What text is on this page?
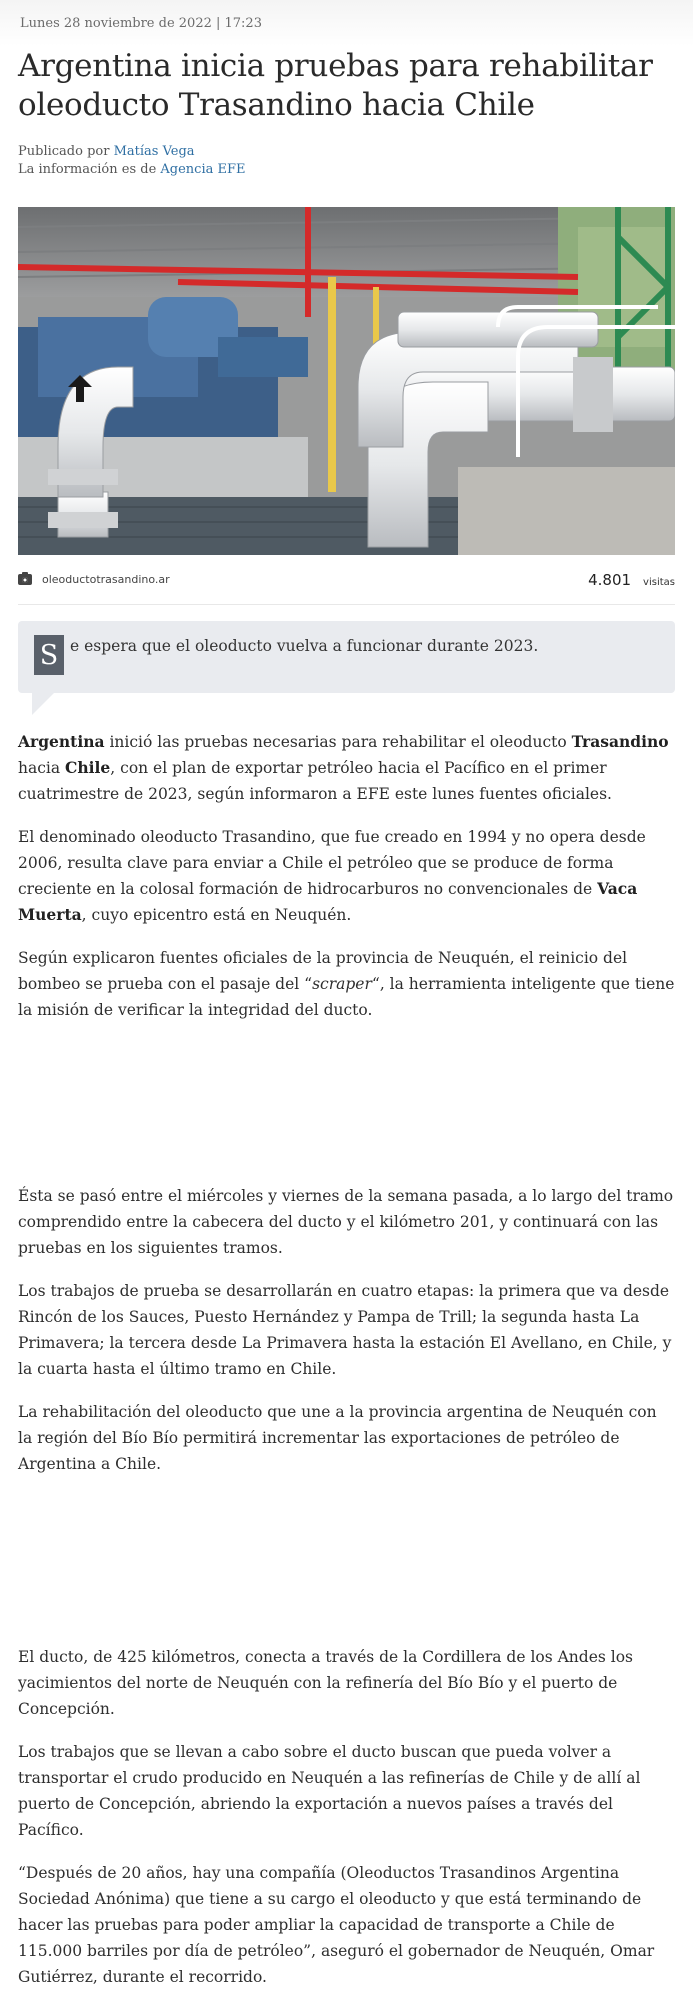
Lunes 28 noviembre de 2022 | 17:23
Argentina inicia pruebas para rehabilitar oleoducto Trasandino hacia Chile
Publicado por Matías Vega
La información es de Agencia EFE
oleoductotrasandino.ar	4.801 visitas
S e espera que el oleoducto vuelva a funcionar durante 2023.

Argentina inició las pruebas necesarias para rehabilitar el oleoducto Trasandino hacia Chile, con el plan de exportar petróleo hacia el Pacífico en el primer cuatrimestre de 2023, según informaron a EFE este lunes fuentes oficiales.

El denominado oleoducto Trasandino, que fue creado en 1994 y no opera desde 2006, resulta clave para enviar a Chile el petróleo que se produce de forma creciente en la colosal formación de hidrocarburos no convencionales de Vaca Muerta, cuyo epicentro está en Neuquén.

Según explicaron fuentes oficiales de la provincia de Neuquén, el reinicio del bombeo se prueba con el pasaje del “scraper“, la herramienta inteligente que tiene la misión de verificar la integridad del ducto.

Ésta se pasó entre el miércoles y viernes de la semana pasada, a lo largo del tramo comprendido entre la cabecera del ducto y el kilómetro 201, y continuará con las pruebas en los siguientes tramos.

Los trabajos de prueba se desarrollarán en cuatro etapas: la primera que va desde Rincón de los Sauces, Puesto Hernández y Pampa de Trill; la segunda hasta La Primavera; la tercera desde La Primavera hasta la estación El Avellano, en Chile, y la cuarta hasta el último tramo en Chile.

La rehabilitación del oleoducto que une a la provincia argentina de Neuquén con la región del Bío Bío permitirá incrementar las exportaciones de petróleo de Argentina a Chile.

El ducto, de 425 kilómetros, conecta a través de la Cordillera de los Andes los yacimientos del norte de Neuquén con la refinería del Bío Bío y el puerto de Concepción.

Los trabajos que se llevan a cabo sobre el ducto buscan que pueda volver a transportar el crudo producido en Neuquén a las refinerías de Chile y de allí al puerto de Concepción, abriendo la exportación a nuevos países a través del Pacífico.

“Después de 20 años, hay una compañía (Oleoductos Trasandinos Argentina Sociedad Anónima) que tiene a su cargo el oleoducto y que está terminando de hacer las pruebas para poder ampliar la capacidad de transporte a Chile de 115.000 barriles por día de petróleo”, aseguró el gobernador de Neuquén, Omar Gutiérrez, durante el recorrido.
